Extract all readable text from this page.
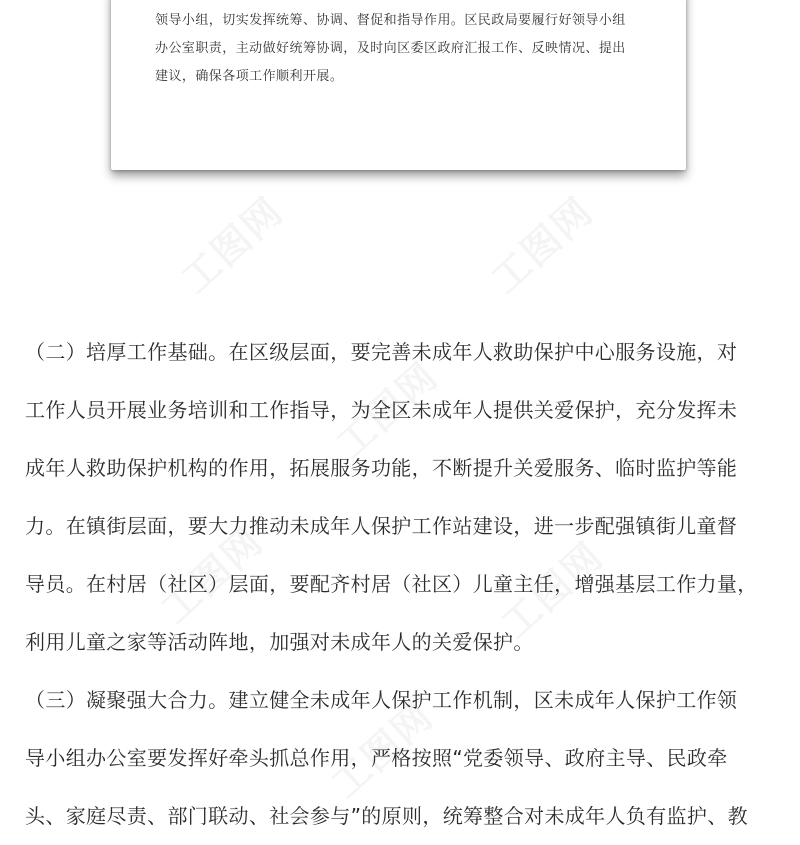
领导小组，切实发挥统筹、协调、督促和指导作用。区民政局要履行好领导小组
办公室职责，主动做好统筹协调，及时向区委区政府汇报工作、反映情况、提出
建议，确保各项工作顺利开展。

工图网	工图网
工图网
工图网	工图网
工图网
（二）培厚工作基础。在区级层面，要完善未成年人救助保护中心服务设施，对
工作人员开展业务培训和工作指导，为全区未成年人提供关爱保护，充分发挥未
成年人救助保护机构的作用，拓展服务功能，不断提升关爱服务、临时监护等能
力。在镇街层面，要大力推动未成年人保护工作站建设，进一步配强镇街儿童督
导员。在村居（社区）层面，要配齐村居（社区）儿童主任，增强基层工作力量，
利用儿童之家等活动阵地，加强对未成年人的关爱保护。
（三）凝聚强大合力。建立健全未成年人保护工作机制，区未成年人保护工作领
导小组办公室要发挥好牵头抓总作用，严格按照“党委领导、政府主导、民政牵
头、家庭尽责、部门联动、社会参与”的原则，统筹整合对未成年人负有监护、教
